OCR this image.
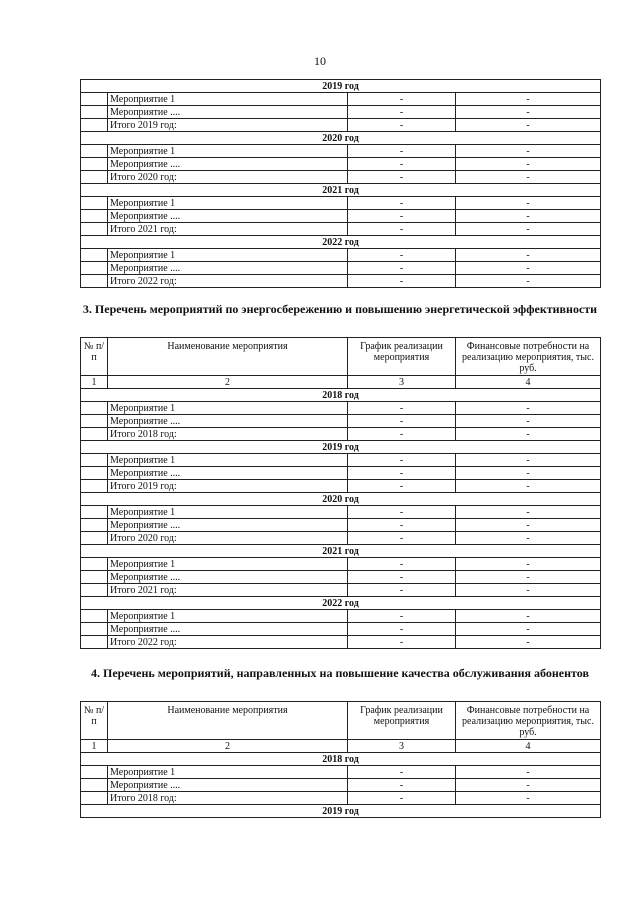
10
2019 год			
	Мероприятие 1	-	-
	Мероприятие ....	-	-
	Итого 2019 год:	-	-
2020 год			
	Мероприятие 1	-	-
	Мероприятие ....	-	-
	Итого 2020 год:	-	-
2021 год			
	Мероприятие 1	-	-
	Мероприятие ....	-	-
	Итого 2021 год:	-	-
2022 год			
	Мероприятие 1	-	-
	Мероприятие ....	-	-
	Итого 2022 год:	-	-
3. Перечень мероприятий по энергосбережению и повышению энергетической эффективности
№ п/п	Наименование мероприятия	График реализации мероприятия	Финансовые потребности на реализацию мероприятия, тыс. руб.
1	2	3	4
2018 год			
	Мероприятие 1	-	-
	Мероприятие ....	-	-
	Итого 2018 год:	-	-
2019 год			
	Мероприятие 1	-	-
	Мероприятие ....	-	-
	Итого 2019 год:	-	-
2020 год			
	Мероприятие 1	-	-
	Мероприятие ....	-	-
	Итого 2020 год:	-	-
2021 год			
	Мероприятие 1	-	-
	Мероприятие ....	-	-
	Итого 2021 год:	-	-
2022 год			
	Мероприятие 1	-	-
	Мероприятие ....	-	-
	Итого 2022 год:	-	-
4. Перечень мероприятий, направленных на повышение качества обслуживания абонентов
№ п/п	Наименование мероприятия	График реализации мероприятия	Финансовые потребности на реализацию мероприятия, тыс. руб.
1	2	3	4
2018 год			
	Мероприятие 1	-	-
	Мероприятие ....	-	-
	Итого 2018 год:	-	-
2019 год			
